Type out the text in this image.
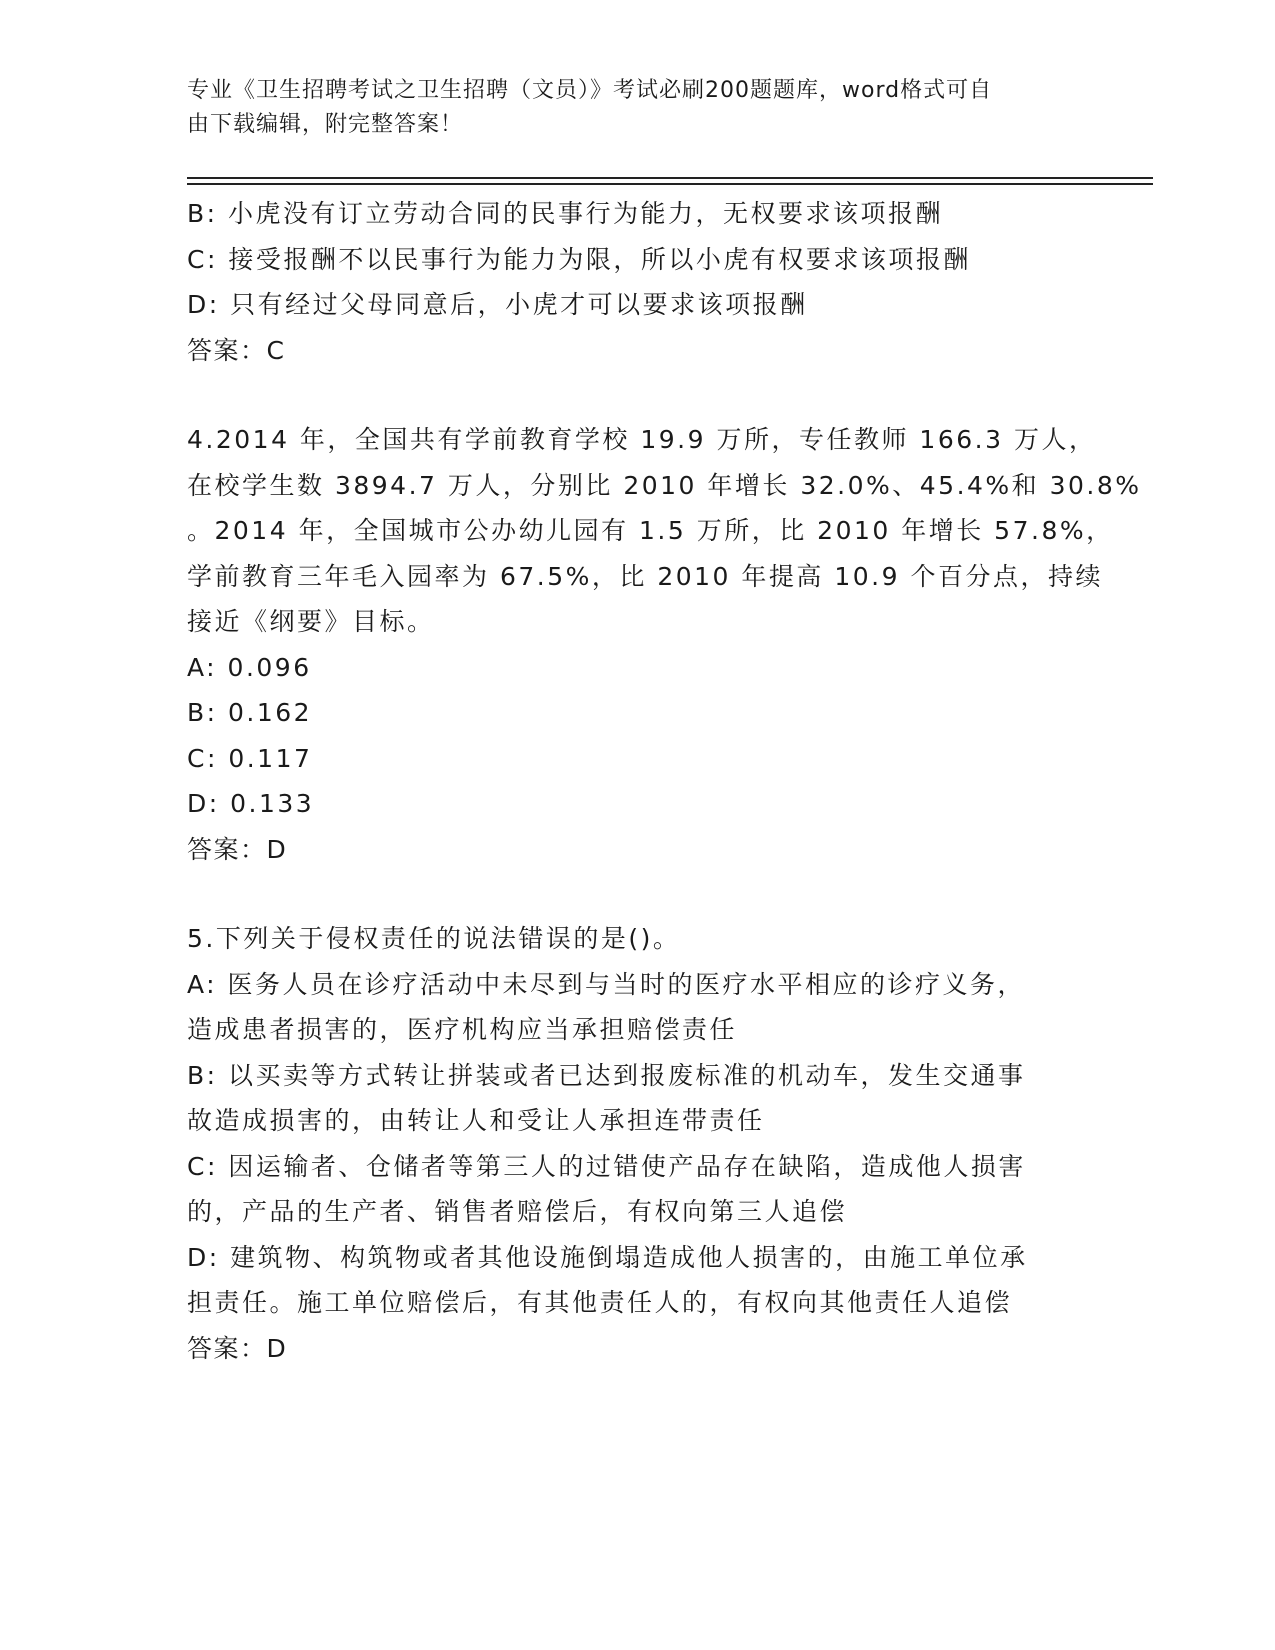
专业《卫生招聘考试之卫生招聘（文员）》考试必刷200题题库，word格式可自
由下载编辑，附完整答案！
B: 小虎没有订立劳动合同的民事行为能力，无权要求该项报酬
C: 接受报酬不以民事行为能力为限，所以小虎有权要求该项报酬
D: 只有经过父母同意后，小虎才可以要求该项报酬
答案：C
4.2014 年，全国共有学前教育学校 19.9 万所，专任教师 166.3 万人，
在校学生数 3894.7 万人，分别比 2010 年增长 32.0%、45.4%和 30.8%
。2014 年，全国城市公办幼儿园有 1.5 万所，比 2010 年增长 57.8%，
学前教育三年毛入园率为 67.5%，比 2010 年提高 10.9 个百分点，持续
接近《纲要》目标。
A: 0.096
B: 0.162
C: 0.117
D: 0.133
答案：D
5.下列关于侵权责任的说法错误的是()。
A: 医务人员在诊疗活动中未尽到与当时的医疗水平相应的诊疗义务，
造成患者损害的，医疗机构应当承担赔偿责任
B: 以买卖等方式转让拼装或者已达到报废标准的机动车，发生交通事
故造成损害的，由转让人和受让人承担连带责任
C: 因运输者、仓储者等第三人的过错使产品存在缺陷，造成他人损害
的，产品的生产者、销售者赔偿后，有权向第三人追偿
D: 建筑物、构筑物或者其他设施倒塌造成他人损害的，由施工单位承
担责任。施工单位赔偿后，有其他责任人的，有权向其他责任人追偿
答案：D
